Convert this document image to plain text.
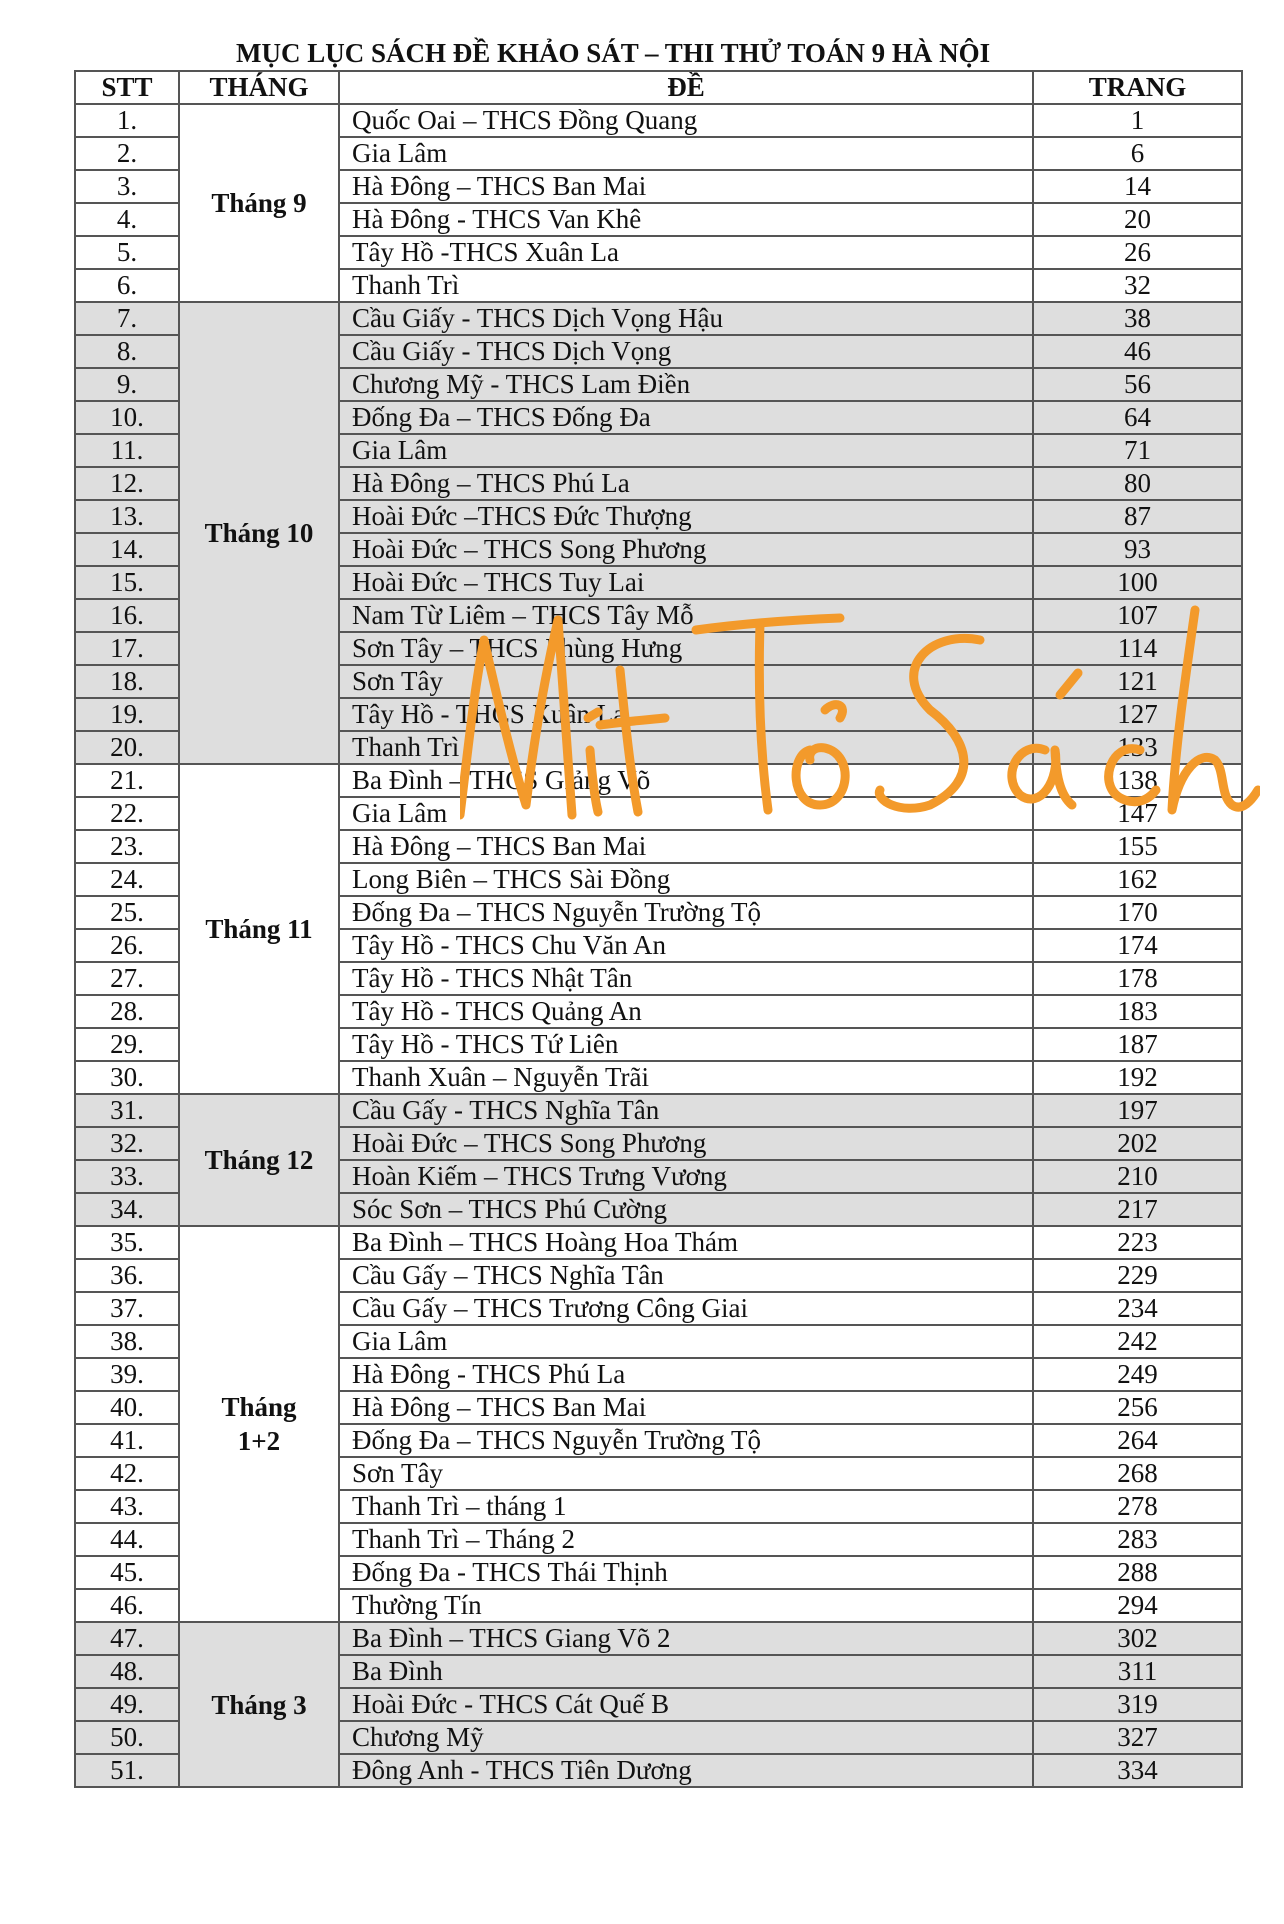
MỤC LỤC SÁCH ĐỀ KHẢO SÁT – THI THỬ TOÁN 9 HÀ NỘI
STT	THÁNG	ĐỀ	TRANG
1.	Tháng 9	Quốc Oai – THCS Đồng Quang	1
2.		Gia Lâm	6
3.		Hà Đông – THCS Ban Mai	14
4.		Hà Đông - THCS Van Khê	20
5.		Tây Hồ -THCS Xuân La	26
6.		Thanh Trì	32
7.	Tháng 10	Cầu Giấy - THCS Dịch Vọng Hậu	38
8.		Cầu Giấy - THCS Dịch Vọng	46
9.		Chương Mỹ - THCS Lam Điền	56
10.		Đống Đa – THCS Đống Đa	64
11.		Gia Lâm	71
12.		Hà Đông – THCS Phú La	80
13.		Hoài Đức –THCS Đức Thượng	87
14.		Hoài Đức – THCS Song Phương	93
15.		Hoài Đức – THCS Tuy Lai	100
16.		Nam Từ Liêm – THCS Tây Mỗ	107
17.		Sơn Tây – THCS Phùng Hưng	114
18.		Sơn Tây	121
19.		Tây Hồ - THCS Xuân La	127
20.		Thanh Trì	133
21.	Tháng 11	Ba Đình – THCS Giảng Võ	138
22.		Gia Lâm	147
23.		Hà Đông – THCS Ban Mai	155
24.		Long Biên – THCS Sài Đồng	162
25.		Đống Đa – THCS Nguyễn Trường Tộ	170
26.		Tây Hồ - THCS Chu Văn An	174
27.		Tây Hồ - THCS Nhật Tân	178
28.		Tây Hồ - THCS Quảng An	183
29.		Tây Hồ - THCS Tứ Liên	187
30.		Thanh Xuân – Nguyễn Trãi	192
31.	Tháng 12	Cầu Gấy - THCS Nghĩa Tân	197
32.		Hoài Đức – THCS Song Phương	202
33.		Hoàn Kiếm – THCS Trưng Vương	210
34.		Sóc Sơn – THCS Phú Cường	217
35.	Tháng 1+2	Ba Đình – THCS Hoàng Hoa Thám	223
36.		Cầu Gấy – THCS Nghĩa Tân	229
37.		Cầu Gấy – THCS Trương Công Giai	234
38.		Gia Lâm	242
39.		Hà Đông - THCS Phú La	249
40.		Hà Đông – THCS Ban Mai	256
41.		Đống Đa – THCS Nguyễn Trường Tộ	264
42.		Sơn Tây	268
43.		Thanh Trì – tháng 1	278
44.		Thanh Trì – Tháng 2	283
45.		Đống Đa - THCS Thái Thịnh	288
46.		Thường Tín	294
47.	Tháng 3	Ba Đình – THCS Giang Võ 2	302
48.		Ba Đình	311
49.		Hoài Đức - THCS Cát Quế B	319
50.		Chương Mỹ	327
51.		Đông Anh - THCS Tiên Dương	334
